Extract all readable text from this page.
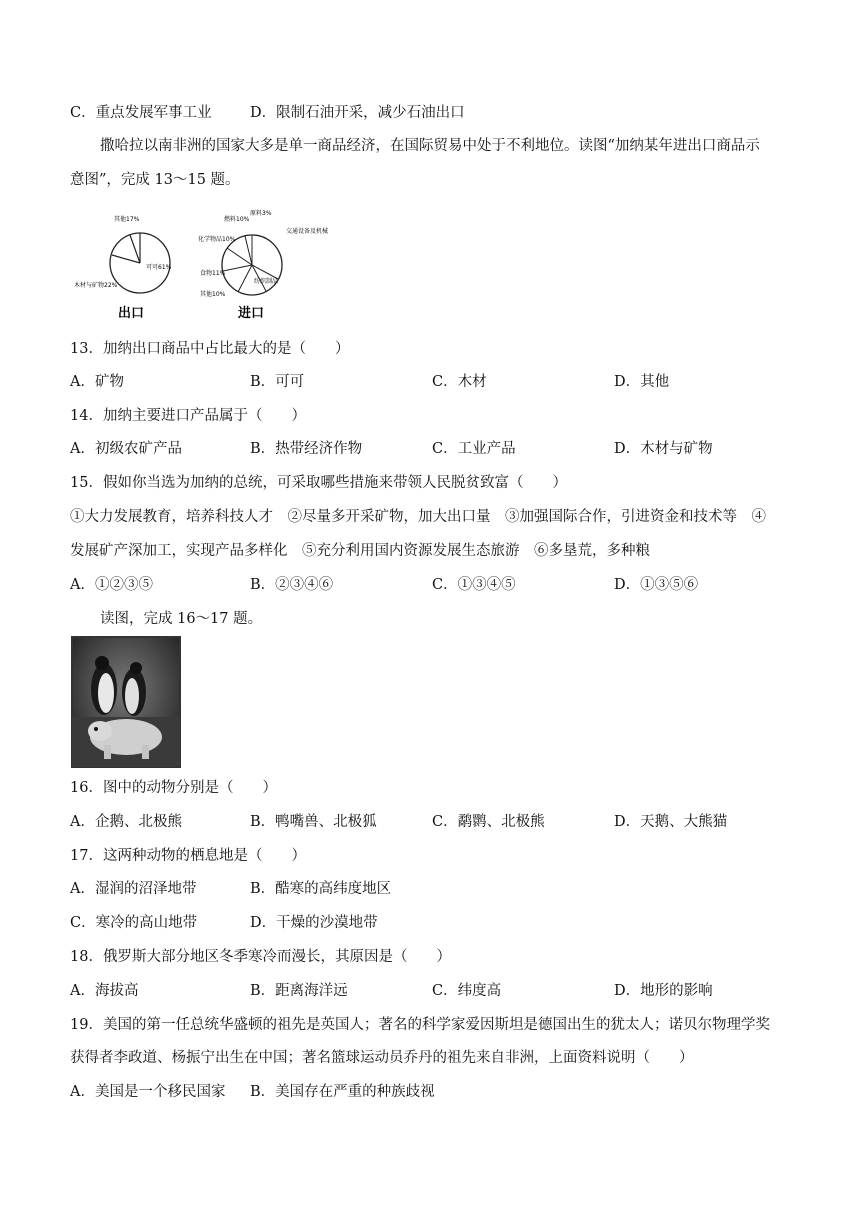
C．重点发展军事工业	D．限制石油开采，减少石油出口
撒哈拉以南非洲的国家大多是单一商品经济，在国际贸易中处于不利地位。读图“加纳某年进出口商品示
意图”，完成 13～15 题。
可可61%
木材与矿物22%
其他17%
出口
交通设备及机械
纺织制品
其他10%
食物11%
化学物品10%
燃料10%
原料3%
进口
13．加纳出口商品中占比最大的是（　　）
A．矿物	B．可可	C．木材	D．其他
14．加纳主要进口产品属于（　　）
A．初级农矿产品	B．热带经济作物	C．工业产品	D．木材与矿物
15．假如你当选为加纳的总统，可采取哪些措施来带领人民脱贫致富（　　）
①大力发展教育，培养科技人才　②尽量多开采矿物，加大出口量　③加强国际合作，引进资金和技术等　④
发展矿产深加工，实现产品多样化　⑤充分利用国内资源发展生态旅游　⑥多垦荒，多种粮
A．①②③⑤	B．②③④⑥	C．①③④⑤	D．①③⑤⑥
读图，完成 16～17 题。
16．图中的动物分别是（　　）
A．企鹅、北极熊	B．鸭嘴兽、北极狐	C．鹬鹮、北极熊	D．天鹅、大熊猫
17．这两种动物的栖息地是（　　）
A．湿润的沼泽地带	B．酷寒的高纬度地区
C．寒冷的高山地带	D．干燥的沙漠地带
18．俄罗斯大部分地区冬季寒冷而漫长，其原因是（　　）
A．海拔高	B．距离海洋远	C．纬度高	D．地形的影响
19．美国的第一任总统华盛顿的祖先是英国人；著名的科学家爱因斯坦是德国出生的犹太人；诺贝尔物理学奖
获得者李政道、杨振宁出生在中国；著名篮球运动员乔丹的祖先来自非洲，上面资料说明（　　）
A．美国是一个移民国家 B．美国存在严重的种族歧视
